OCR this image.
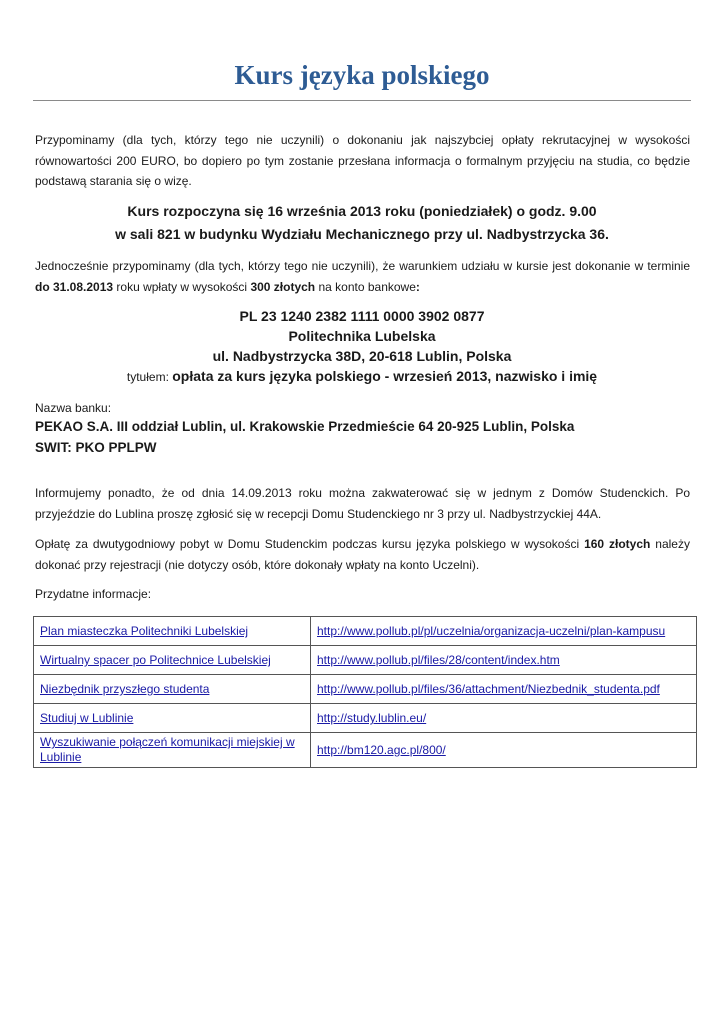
Kurs języka polskiego
Przypominamy (dla tych, którzy tego nie uczynili) o dokonaniu jak najszybciej opłaty rekrutacyjnej w wysokości równowartości 200 EURO, bo dopiero po tym zostanie przesłana informacja o formalnym przyjęciu na studia, co będzie podstawą starania się o wizę.
Kurs rozpoczyna się 16 września 2013 roku (poniedziałek) o godz. 9.00
w sali 821 w budynku Wydziału Mechanicznego przy ul. Nadbystrzycka 36.
Jednocześnie przypominamy (dla tych, którzy tego nie uczynili), że warunkiem udziału w kursie jest dokonanie w terminie do 31.08.2013 roku wpłaty w wysokości 300 złotych na konto bankowe:
PL 23 1240 2382 1111 0000 3902 0877
Politechnika Lubelska
ul. Nadbystrzycka 38D, 20-618 Lublin, Polska
tytułem: opłata za kurs języka polskiego - wrzesień 2013, nazwisko i imię
Nazwa banku:
PEKAO S.A. III oddział Lublin, ul. Krakowskie Przedmieście 64 20-925 Lublin, Polska
SWIT: PKO PPLPW
Informujemy ponadto, że od dnia 14.09.2013 roku można zakwaterować się w jednym z Domów Studenckich. Po przyjeździe do Lublina proszę zgłosić się w recepcji Domu Studenckiego nr 3 przy ul. Nadbystrzyckiej 44A.
Opłatę za dwutygodniowy pobyt w Domu Studenckim podczas kursu języka polskiego w wysokości 160 złotych należy dokonać przy rejestracji (nie dotyczy osób, które dokonały wpłaty na konto Uczelni).
Przydatne informacje:
Plan miasteczka Politechniki Lubelskiej	http://www.pollub.pl/pl/uczelnia/organizacja-uczelni/plan-kampusu
Wirtualny spacer po Politechnice Lubelskiej	http://www.pollub.pl/files/28/content/index.htm
Niezbędnik przyszłego studenta	http://www.pollub.pl/files/36/attachment/Niezbednik_studenta.pdf
Studiuj w Lublinie	http://study.lublin.eu/
Wyszukiwanie połączeń komunikacji miejskiej w Lublinie	http://bm120.agc.pl/800/
